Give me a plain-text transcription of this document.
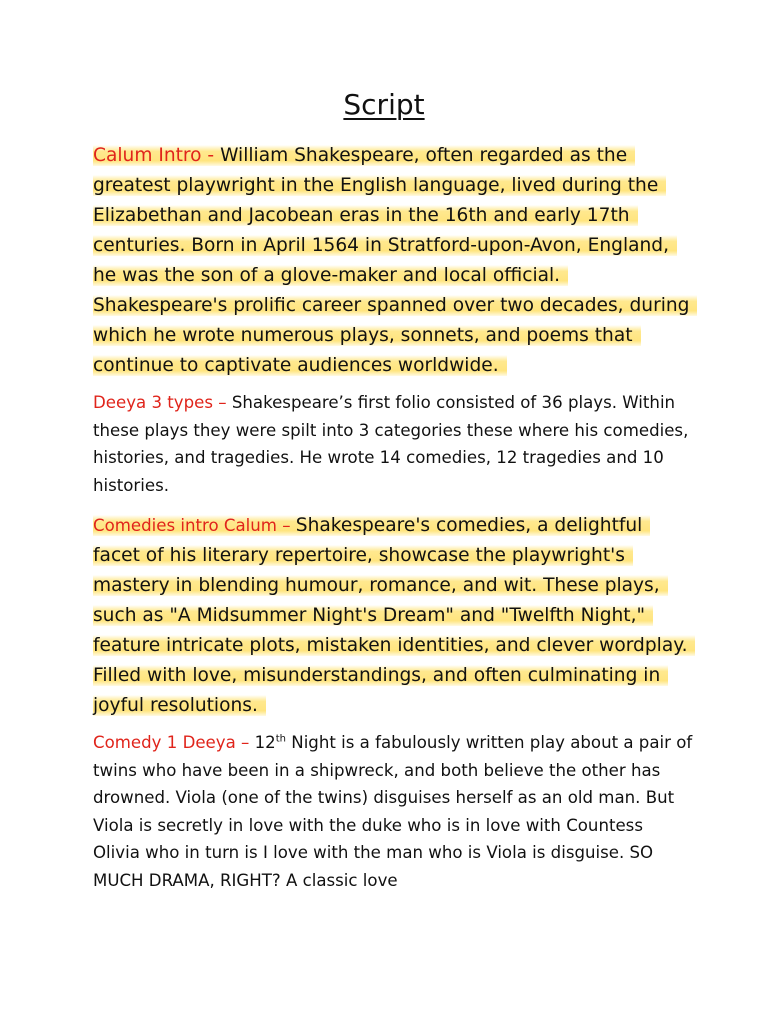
Script
Calum Intro - William Shakespeare, often regarded as the greatest playwright in the English language, lived during the Elizabethan and Jacobean eras in the 16th and early 17th centuries. Born in April 1564 in Stratford-upon-Avon, England, he was the son of a glove-maker and local official. Shakespeare's prolific career spanned over two decades, during which he wrote numerous plays, sonnets, and poems that continue to captivate audiences worldwide.
Deeya 3 types – Shakespeare’s first folio consisted of 36 plays. Within these plays they were spilt into 3 categories these where his comedies, histories, and tragedies. He wrote 14 comedies, 12 tragedies and 10 histories.
Comedies intro Calum – Shakespeare's comedies, a delightful facet of his literary repertoire, showcase the playwright's mastery in blending humour, romance, and wit. These plays, such as "A Midsummer Night's Dream" and "Twelfth Night," feature intricate plots, mistaken identities, and clever wordplay. Filled with love, misunderstandings, and often culminating in joyful resolutions.
Comedy 1 Deeya – 12th Night is a fabulously written play about a pair of twins who have been in a shipwreck, and both believe the other has drowned. Viola (one of the twins) disguises herself as an old man. But Viola is secretly in love with the duke who is in love with Countess Olivia who in turn is I love with the man who is Viola is disguise. SO MUCH DRAMA, RIGHT? A classic love
